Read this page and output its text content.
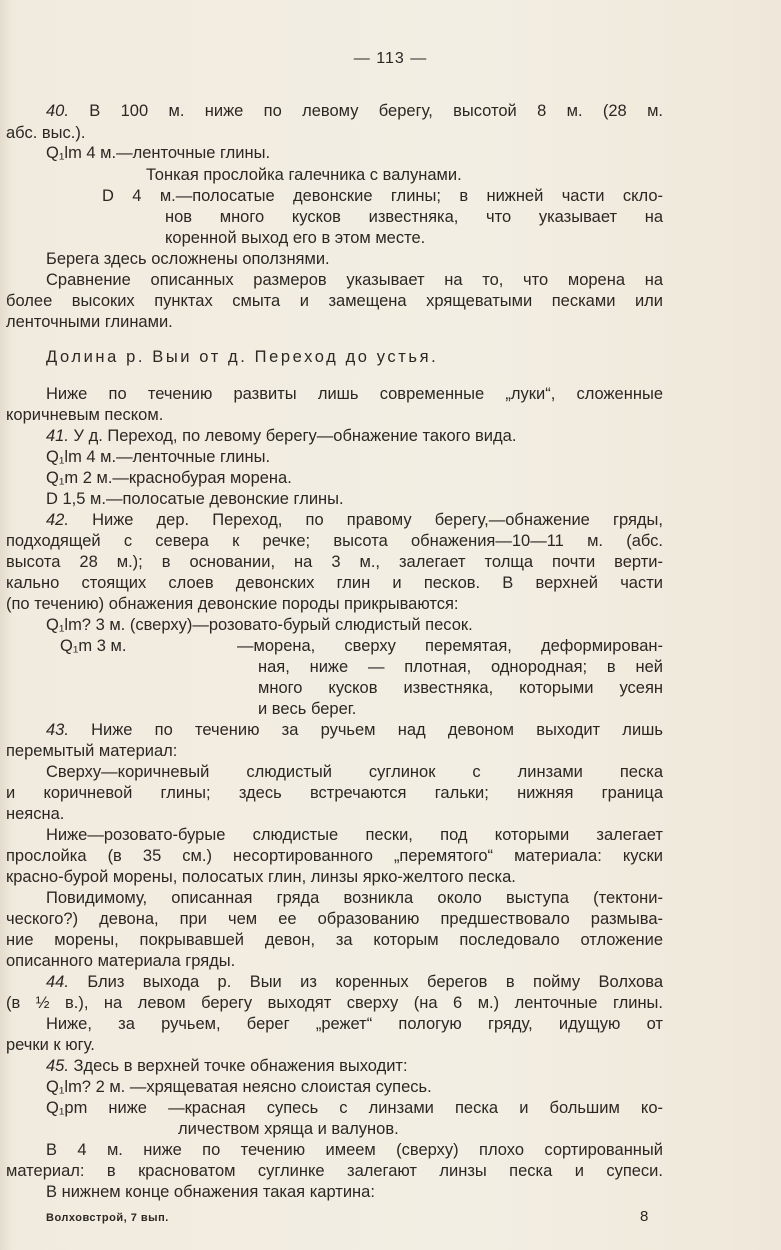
— 113 —
40. В 100 м. ниже по левому берегу, высотой 8 м. (28 м.
абс. выс.).
Q₁lm 4 м.—ленточные глины.
Тонкая прослойка галечника с валунами.
D 4 м.—полосатые девонские глины; в нижней части скло-
нов много кусков известняка, что указывает на
коренной выход его в этом месте.
Берега здесь осложнены оползнями.
Сравнение описанных размеров указывает на то, что морена на
более высоких пунктах смыта и замещена хрящеватыми песками или
ленточными глинами.
Долина р. Выи от д. Переход до устья.
Ниже по течению развиты лишь современные „луки“, сложенные
коричневым песком.
41. У д. Переход, по левому берегу—обнажение такого вида.
Q₁lm 4 м.—ленточные глины.
Q₁m 2 м.—краснобурая морена.
D 1,5 м.—полосатые девонские глины.
42. Ниже дер. Переход, по правому берегу,—обнажение гряды,
подходящей с севера к речке; высота обнажения—10—11 м. (абс.
высота 28 м.); в основании, на 3 м., залегает толща почти верти-
кально стоящих слоев девонских глин и песков. В верхней части
(по течению) обнажения девонские породы прикрываются:
Q₁lm? 3 м. (сверху)—розовато-бурый слюдистый песок.
Q₁m 3 м.	—морена, сверху перемятая, деформирован-
ная, ниже — плотная, однородная; в ней
много кусков известняка, которыми усеян
и весь берег.
43. Ниже по течению за ручьем над девоном выходит лишь
перемытый материал:
Сверху—коричневый слюдистый суглинок с линзами песка
и коричневой глины; здесь встречаются гальки; нижняя граница
неясна.
Ниже—розовато-бурые слюдистые пески, под которыми залегает
прослойка (в 35 см.) несортированного „перемятого“ материала: куски
красно-бурой морены, полосатых глин, линзы ярко-желтого песка.
Повидимому, описанная гряда возникла около выступа (тектони-
ческого?) девона, при чем ее образованию предшествовало размыва-
ние морены, покрывавшей девон, за которым последовало отложение
описанного материала гряды.
44. Близ выхода р. Выи из коренных берегов в пойму Волхова
(в ½ в.), на левом берегу выходят сверху (на 6 м.) ленточные глины.
Ниже, за ручьем, берег „режет“ пологую гряду, идущую от
речки к югу.
45. Здесь в верхней точке обнажения выходит:
Q₁lm? 2 м. —хрящеватая неясно слоистая супесь.
Q₁pm ниже —красная супесь с линзами песка и большим ко-
личеством хряща и валунов.
В 4 м. ниже по течению имеем (сверху) плохо сортированный
материал: в красноватом суглинке залегают линзы песка и супеси.
В нижнем конце обнажения такая картина:
Волховстрой, 7 вып.	8
